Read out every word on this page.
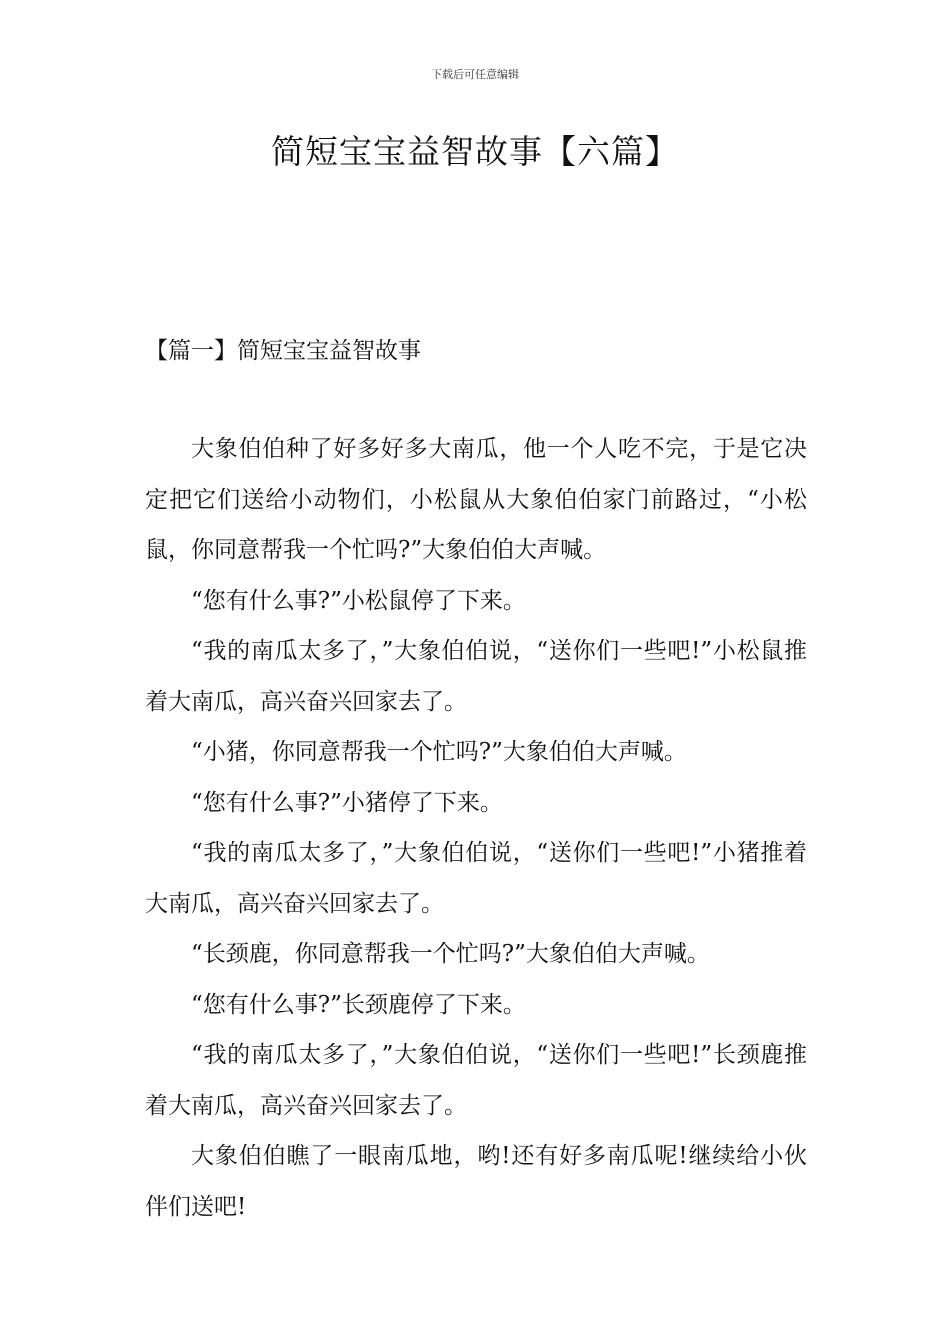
下载后可任意编辑
简短宝宝益智故事【六篇】
【篇一】简短宝宝益智故事

大象伯伯种了好多好多大南瓜，他一个人吃不完，于是它决定把它们送给小动物们，小松鼠从大象伯伯家门前路过，“小松鼠，你同意帮我一个忙吗?”大象伯伯大声喊。

“您有什么事?”小松鼠停了下来。

“我的南瓜太多了，”大象伯伯说，“送你们一些吧!”小松鼠推着大南瓜，高兴奋兴回家去了。

“小猪，你同意帮我一个忙吗?”大象伯伯大声喊。

“您有什么事?”小猪停了下来。

“我的南瓜太多了，”大象伯伯说，“送你们一些吧!”小猪推着大南瓜，高兴奋兴回家去了。

“长颈鹿，你同意帮我一个忙吗?”大象伯伯大声喊。

“您有什么事?”长颈鹿停了下来。

“我的南瓜太多了，”大象伯伯说，“送你们一些吧!”长颈鹿推着大南瓜，高兴奋兴回家去了。

大象伯伯瞧了一眼南瓜地，哟!还有好多南瓜呢!继续给小伙伴们送吧!
